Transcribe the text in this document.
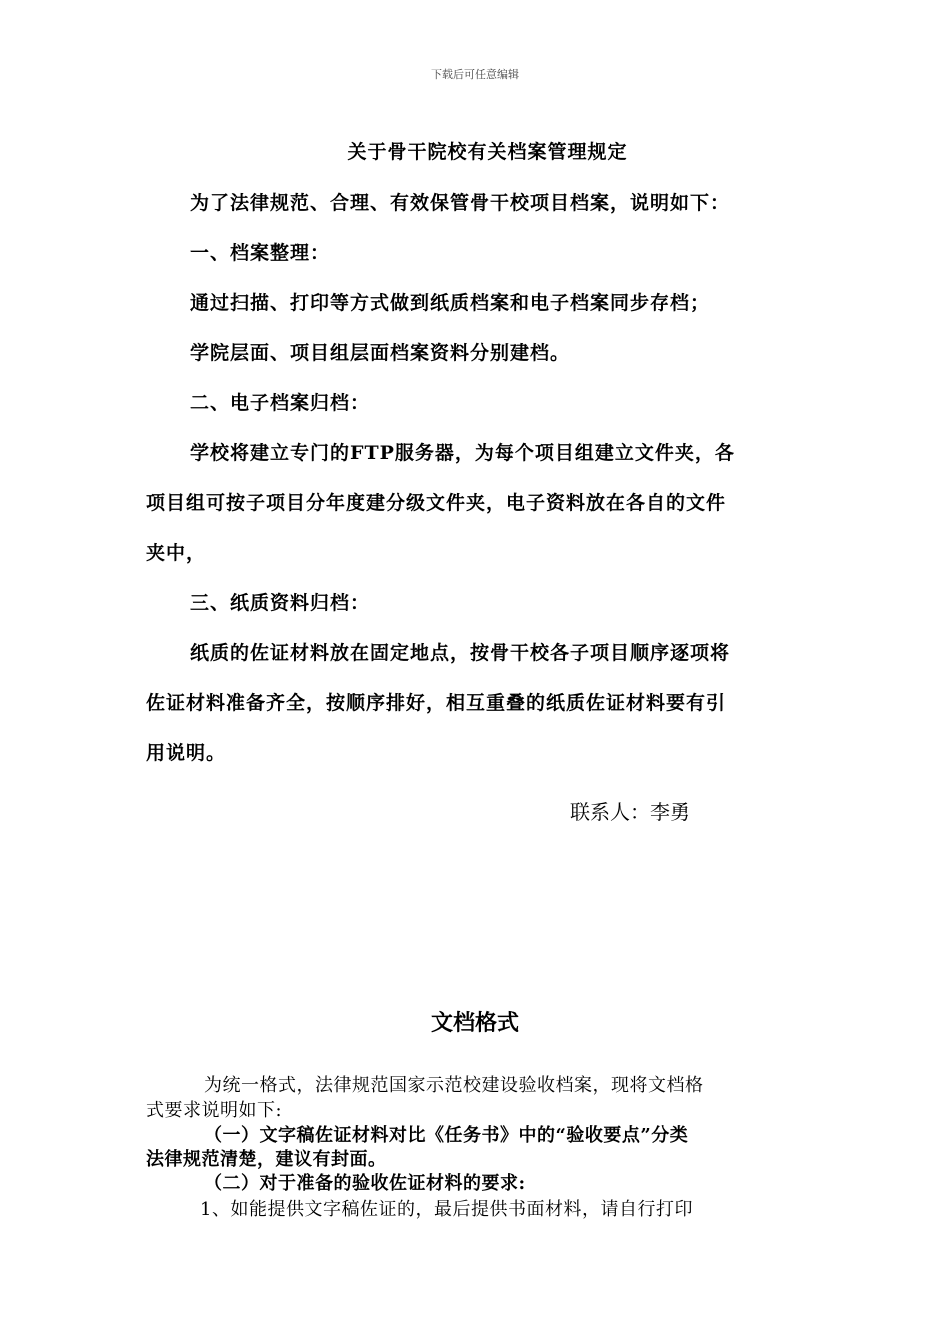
下载后可任意编辑
关于骨干院校有关档案管理规定
为了法律规范、合理、有效保管骨干校项目档案，说明如下：
一、档案整理：
通过扫描、打印等方式做到纸质档案和电子档案同步存档；
学院层面、项目组层面档案资料分别建档。
二、电子档案归档：
学校将建立专门的FTP服务器，为每个项目组建立文件夹，各
项目组可按子项目分年度建分级文件夹，电子资料放在各自的文件
夹中，
三、纸质资料归档：
纸质的佐证材料放在固定地点，按骨干校各子项目顺序逐项将
佐证材料准备齐全，按顺序排好，相互重叠的纸质佐证材料要有引
用说明。
联系人：李勇
文档格式
为统一格式，法律规范国家示范校建设验收档案，现将文档格
式要求说明如下:
（一）文字稿佐证材料对比《任务书》中的“验收要点”分类
法律规范清楚，建议有封面。
（二）对于准备的验收佐证材料的要求:
1、如能提供文字稿佐证的，最后提供书面材料，请自行打印
